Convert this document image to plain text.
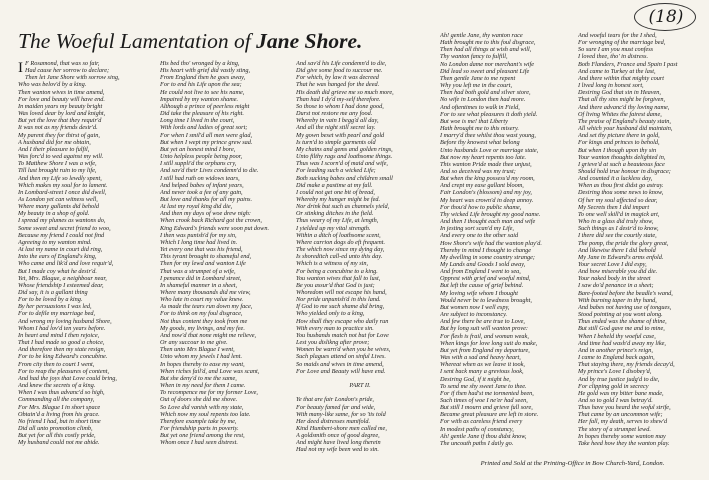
(18)
The Woeful Lamentation of Jane Shore.
I F Rosamond, that was so fair,
Had cause her sorrow to declare;
Then let Jane Shore with sorrow sing,
Who was belov'd by a king.
Then wanton wives in time amend,
For love and beauty will have end.
In maiden years my beauty bright
Was loved dear by lord and knight,
But yet the love that they requir'd
It was not as my friends desir'd.
My parent they for thirst of gain,
A husband did for me obtain,
And I their pleasure to fulfil,
Was forc'd to wed against my will.
To Matthew Shore I was a wife,
Till lust brought ruin to my life,
And then my Life so lewdly spent,
Which makes my soul for to lament.
In Lombard-street I once did dwell,
As London yet can witness well,
Where many gallants did behold
My beauty in a shop of gold.
I spread my plumes as wantons do,
Some sweet and secret friend to woo,
Because my friend I could not find
Agreeing to my wanton mind.
At last my name in court did ring,
Into the ears of England's king,
Who came and lik'd and love requir'd,
But I made coy what he desir'd.
Yet, Mrs. Blague, a neighbour near,
Whose friendship I esteemed dear,
Did say, it is a gallant thing
For to be loved by a king.
By her persuasions I was led,
For to defile my marriage bed,
And wrong my loving husband Shore,
Whom I had lov'd ten years before.
In heart and mind I then rejoice,
That I had made so good a choice,
And therefore then my state resign,
For to be king Edward's concubine.
From city then to court I went,
For to reap the pleasures of content,
And had the joys that Love could bring,
And knew the secrets of a king.
When I was thus advanc'd so high,
Commanding all the company,
For Mrs. Blague I in short space
Obtain'd a living from his grace.
No friend I had, but in short time
Did all unto promotion climb,
But yet for all this costly pride,
My husband could not me abide.
His bed tho' wronged by a king,
His heart with grief did vastly sting,
From England then he goes away,
For to end his Life upon the sea;
He could not live to see his name,
Impaired by my wanton shame.
Although a prince of peerless might
Did take the pleasure of his right.
Long time I lived in the court,
With lords and ladies of great sort;
For when I smil'd all men were glad,
But when I wept my prince grew sad.
But yet an honest mind I bore,
Unto helpless people being poor,
I still suppli'd the orphans cry,
And sav'd their Lives condemn'd to die.
I still had ruth on widows tears,
And helped babes of infant years,
And never took a fee of any gain,
But love and thanks for all my pains.
At last my royal king did die,
And then my days of woe drew nigh:
When crook back Richard got the crown,
King Edward's friends were soon put down.
I then was punish'd for my sin,
Which I long time had lived in.
Yet every one that was his friend,
This tyrant brought to shameful end,
Then for my lewd and wanton Life
That was a strumpet of a wife,
I penance did in Lombard street,
In shameful manner in a sheet,
Where many thousands did me view,
Who late in court my value knew.
As made the tears run down my face,
For to think on my foul disgrace,
Not thus content they took from me
My goods, my livings, and my fee.
And now'd that none might me relieve,
Or any succour to me give.
Then unto Mrs Blague I went,
Unto whom my jewels I had lent.
In hopes thereby to ease my want,
When riches fail'd, and Love was scant,
But she deny'd to me the same,
When in my need for them I came.
To recompence me for my former Love,
Out of doors she did me shove.
So Love did vanish with my state,
Which now my soul repents too late.
Therefore example take by me,
For friendship parts in poverty.
But yet one friend among the rest,
Whom once I had seen distrest.
And sav'd his Life condemn'd to die,
Did give some food to succour me.
For which, by law it was decreed
That he was hanged for the deed.
His death did grieve me so much more,
Than had I dy'd my-self therefore.
So those to whom I had done good,
Durst not restore me any food.
Whereby in vain I begg'd all day,
And all the night still secret lay.
My gown beset with pearl and gold
Is turn'd to simple garments old
My chains and gems and golden rings,
Unto filthy rags and loathsome things.
Thus was I scorn'd of maid and wife,
For leading such a wicked Life;
Both sucking babes and children small
Did make a pastime at my fall.
I could not get one bit of bread,
Whereby my hunger might be fed.
Nor drink but such as channels yield,
Or stinking ditches in the field.
Thus weary of my Life, at length,
I yielded up my vital strength.
Within a ditch of loathsome scent,
Where carrion dogs do eft frequent.
The which now since my dying day,
Is shoreditch call-ed unto this day.
Which is a witness of my sin,
For being a concubine to a king.
You wanton wives that fall to lust,
Be you assur'd that God is just;
Whoredom will not escape his hand,
Nor pride unpunish'd in this land.
If God to me such shame did bring,
Who yielded only to a king,
How shall they escape who daily run
With every man to practice sin.
You husbands match not but for Love
Lest you dislikng after prove;
Women be warn'd when you be wives,
Such plagues attend on sinful Lives.
So maids and wives in time amend,
For Love and Beauty will have end.

PART II.

Ye that are fair London's pride,
For beauty famed far and wide,
With many-like same, for so 'tis told
Her deed distresses manifold.
Kind Humbert-shore men called me,
A goldsmith once of good degree,
And might have lived long therein
Had not my wife been wed to sin.
Ah! gentle Jane, thy wanton race
Hath brought me to this foul disgrace,
Then had all things at wish and will,
Thy wanton fancy to fulfill,
No London dame nor merchant's wife
Did lead so sweet and pleasant Life
Then gentle Jane to me repent
Why you left me in the court,
Then had both gold and silver store,
No wife in London then had more.
And oftentimes to walk in Field,
For to see what pleasures it doth yield.
But woe is me! that Liberty
Hath brought me to this misery.
I marry'd thee whilst thou wast young,
Before thy knowest what belong
Unto husbands Love or marriage state,
But now my heart repents too late.
This wanton Pride made thee unjust,
And so deceived was my trust;
But when the king possess'd my room,
And crept my ease gallant bloom,
Fair London's (blossom) and my joy,
My heart was crown'd in deep annoy.
For thou'd how to public shame,
Thy wicked Life brought my good name.
And then I thought each man and wife
In jesting sort scan'd my Life,
And every one to the other said
How Shore's wife had the wanton play'd.
Thereby in mind I thought to change
My dwelling in some country strange;
My Lands and Goods I sold away,
And from England I went to sea,
Opprest with grief and woeful mind,
But left the cause of grief behind.
My loving wife whom I thought
Would never be to lewdness brought,
But women now I well espy,
Are subject to inconstancy.
And few there be are true to Love,
But by long suit will wanton prove:
For flesh is frail, and woman weak,
When kings for love long suit do make,
But yet from England my departure,
Was with a sad and heavy heart,
Whereat when as we leave it took,
I sent back many a grevious look,
Desiring God, if it might be,
To send me shy sweet Jane to thee.
For if then had'st me tormented been,
Such times of woe I ne'er had seen,
But still I mourn and grieve full sore,
Became great pleasure are left in store.
For with as careless friend every
In modest paths of constancy,
Ah! gentle Jane if thou didst know,
The uncouth paths I daily go.
And woeful tears for the I shed,
For wronging of the marriage bed,
So sure I am you must confess
I loved thee, tho' in distress.
Both Flanders, France and Spain I past
And came to Turkey at the last,
And there within that mighty court
I lived long in honest sort,
Desiring God that sin in Heaven,
That all thy sins might be forgiven,
And there advanc'd thy loving name,
Of living Whites the fairest dame,
The praise of England's beauty stain,
All which your husband did maintain,
And set thy picture there in gold,
For kings and princes to behold,
But when I though upon thy sin
Your wanton thoughts delighted in,
I grieve'd at such a beauteous face
Should hold true honour in disgrace;
And counted it a luckless day,
When as thou first didst go astray.
Desiring thou some news to know,
Of her my soul affected so dear,
My Secrets then I did impart
To one well skill'd in magick art,
Who in a glass did truly show,
Such things as I desir'd to know,
I there did see the courtly state,
The pomp, the pride the glory great,
And likewise there I did behold
My Jane in Edward's arms enfold.
Your secret Love I did espy,
And how miserable you did die.
Your naked body in the street
I saw do'd penance in a sheet;
Bare-footed before the beadle's wand,
With burning taper in thy hand,
And babes not having use of tongues,
Stood pointing at you wont along.
Thus ended was the shame of thine,
But still God gave me and to mine,
When I beheld thy woeful case,
And time had wash'd away my like,
And in another prince's reign,
I came to England back again,
That staying there, my friends decay'd,
My prince's Love I disobey'd,
And by true justice judg'd to die,
For clipping gold in secrecy
He gold was my bitter bane made,
And so to gold I was betray'd.
Thus have you heard the woful strife,
That came by an uncommon wife;
Her fall, my death, serves to shew'd
The story of a strumpet lewd.
In hopes thereby some wanton may
Take heed how they the wanton play.
Printed and Sold at the Printing-Office in Bow Church-Yard, London.
